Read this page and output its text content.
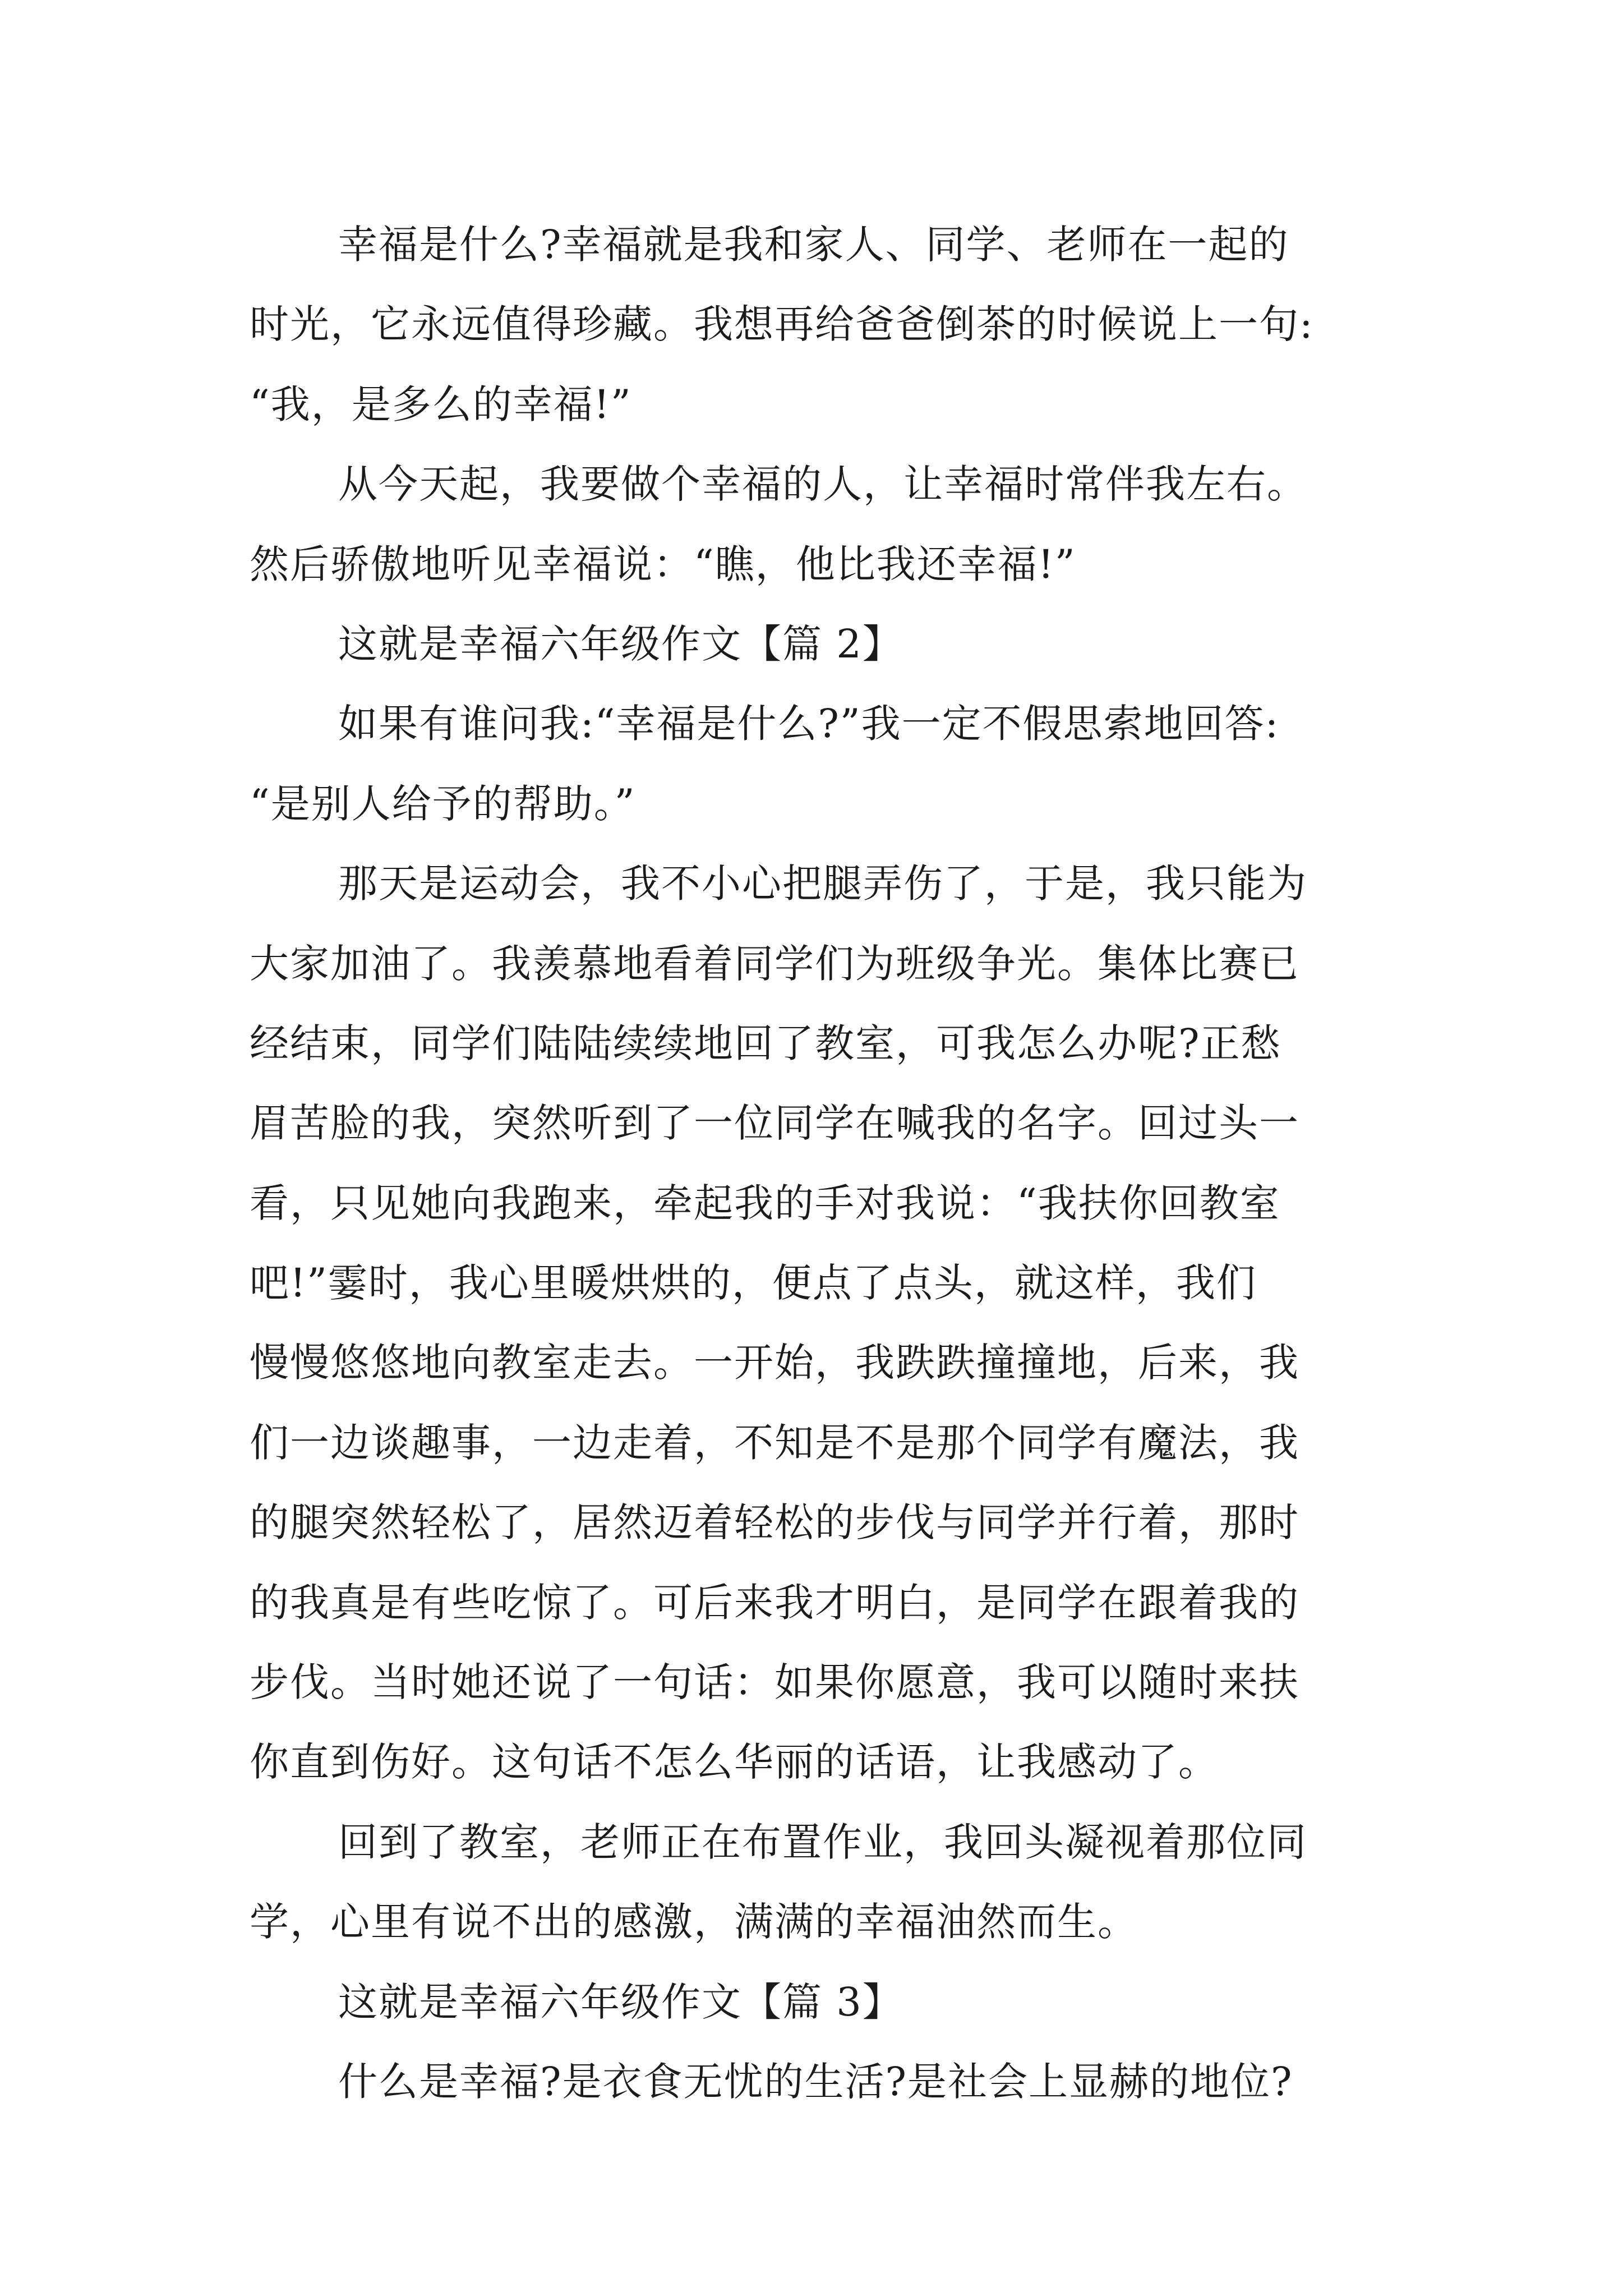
幸福是什么?幸福就是我和家人、同学、老师在一起的
时光，它永远值得珍藏。我想再给爸爸倒茶的时候说上一句:
“我，是多么的幸福!”
从今天起，我要做个幸福的人，让幸福时常伴我左右。
然后骄傲地听见幸福说：“瞧，他比我还幸福!”
这就是幸福六年级作文【篇 2】
如果有谁问我:“幸福是什么?”我一定不假思索地回答:
“是别人给予的帮助。”
那天是运动会，我不小心把腿弄伤了，于是，我只能为
大家加油了。我羡慕地看着同学们为班级争光。集体比赛已
经结束，同学们陆陆续续地回了教室，可我怎么办呢?正愁
眉苦脸的我，突然听到了一位同学在喊我的名字。回过头一
看，只见她向我跑来，牵起我的手对我说：“我扶你回教室
吧!”霎时，我心里暖烘烘的，便点了点头，就这样，我们
慢慢悠悠地向教室走去。一开始，我跌跌撞撞地，后来，我
们一边谈趣事，一边走着，不知是不是那个同学有魔法，我
的腿突然轻松了，居然迈着轻松的步伐与同学并行着，那时
的我真是有些吃惊了。可后来我才明白，是同学在跟着我的
步伐。当时她还说了一句话：如果你愿意，我可以随时来扶
你直到伤好。这句话不怎么华丽的话语，让我感动了。
回到了教室，老师正在布置作业，我回头凝视着那位同
学，心里有说不出的感激，满满的幸福油然而生。
这就是幸福六年级作文【篇 3】
什么是幸福?是衣食无忧的生活?是社会上显赫的地位?
